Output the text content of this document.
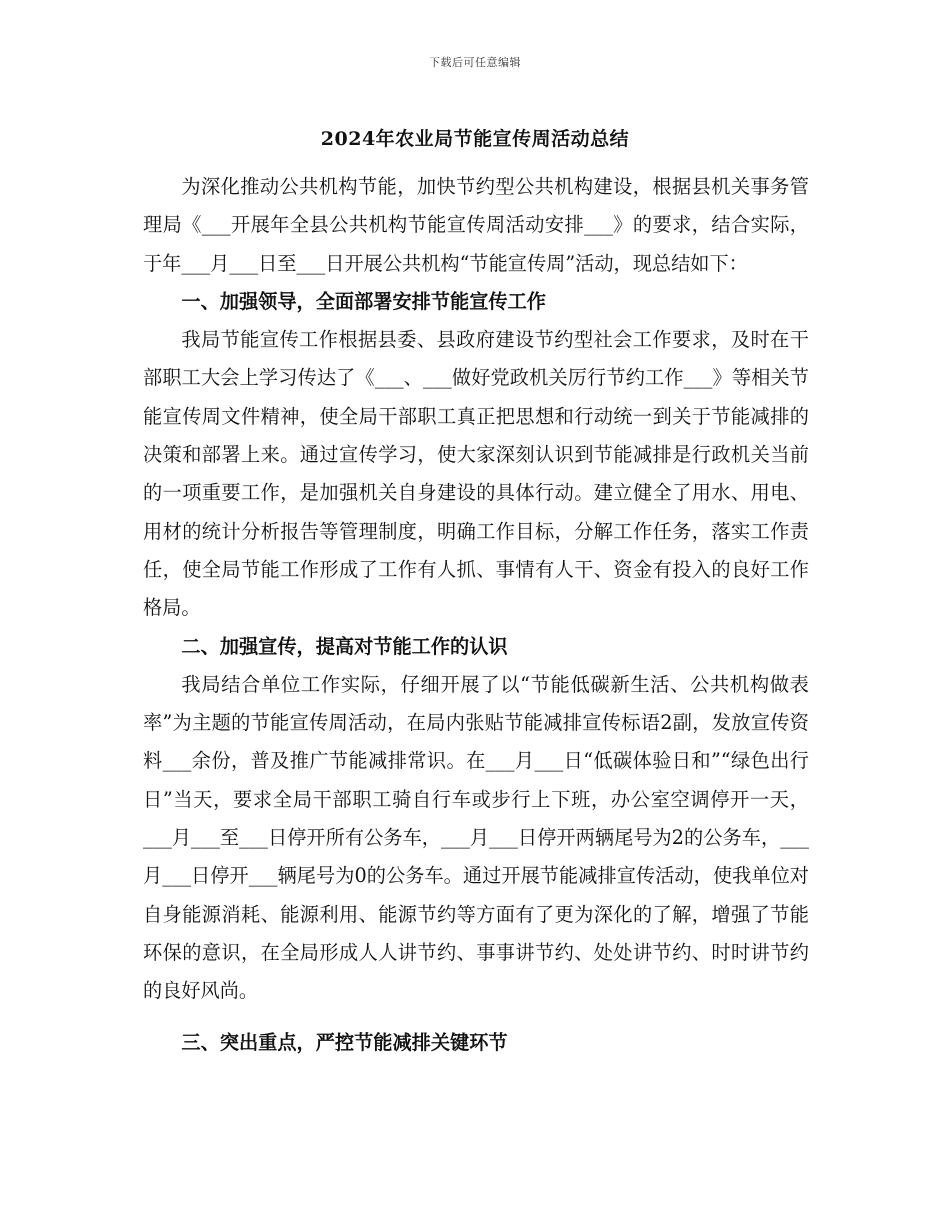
下载后可任意编辑
2024年农业局节能宣传周活动总结

为深化推动公共机构节能，加快节约型公共机构建设，根据县机关事务管理局《___开展年全县公共机构节能宣传周活动安排___》的要求，结合实际，于年___月___日至___日开展公共机构“节能宣传周”活动，现总结如下：

一、加强领导，全面部署安排节能宣传工作

我局节能宣传工作根据县委、县政府建设节约型社会工作要求，及时在干部职工大会上学习传达了《___、___做好党政机关厉行节约工作___》等相关节能宣传周文件精神，使全局干部职工真正把思想和行动统一到关于节能减排的决策和部署上来。通过宣传学习，使大家深刻认识到节能减排是行政机关当前的一项重要工作，是加强机关自身建设的具体行动。建立健全了用水、用电、用材的统计分析报告等管理制度，明确工作目标，分解工作任务，落实工作责任，使全局节能工作形成了工作有人抓、事情有人干、资金有投入的良好工作格局。

二、加强宣传，提高对节能工作的认识

我局结合单位工作实际，仔细开展了以“节能低碳新生活、公共机构做表率”为主题的节能宣传周活动，在局内张贴节能减排宣传标语2副，发放宣传资料___余份，普及推广节能减排常识。在___月___日“低碳体验日和”“绿色出行日”当天，要求全局干部职工骑自行车或步行上下班，办公室空调停开一天，___月___至___日停开所有公务车，___月___日停开两辆尾号为2的公务车，___月___日停开___辆尾号为0的公务车。通过开展节能减排宣传活动，使我单位对自身能源消耗、能源利用、能源节约等方面有了更为深化的了解，增强了节能环保的意识，在全局形成人人讲节约、事事讲节约、处处讲节约、时时讲节约的良好风尚。

三、突出重点，严控节能减排关键环节
